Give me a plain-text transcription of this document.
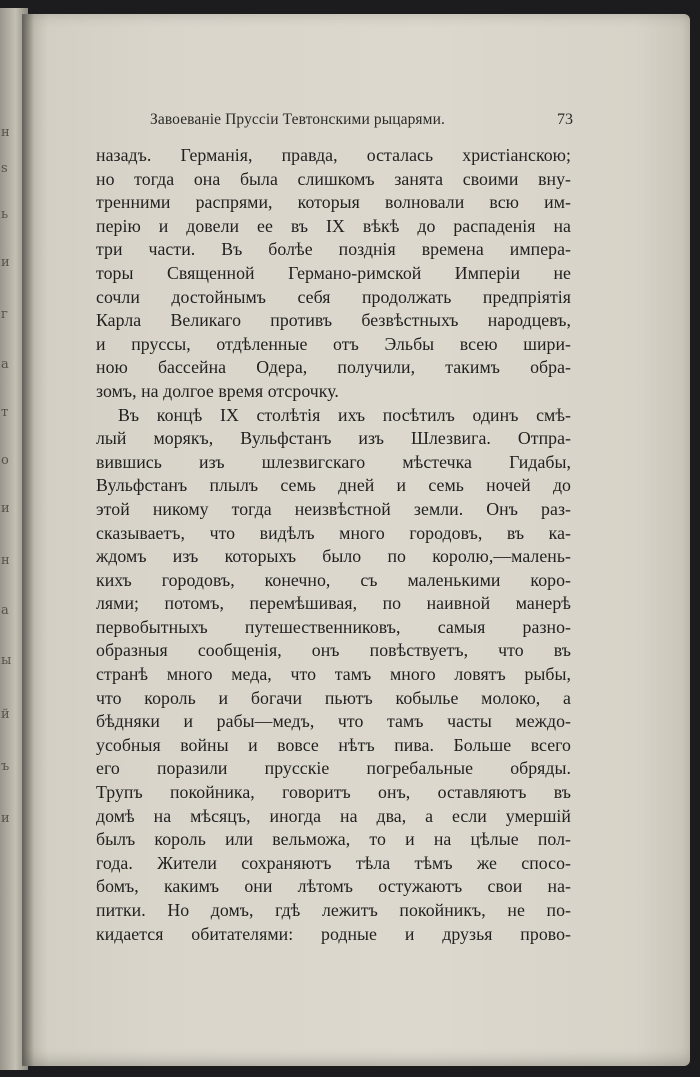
н
s
ь
и
г
а
т
о
и
н
а
ы
й
ъ
и
Завоеванiе Пруссiи Тевтонскими рыцарями.	73
назадъ. Германiя, правда, осталась христiанскою;
но тогда она была слишкомъ занята своими вну-
тренними распрями, которыя волновали всю им-
перiю и довели ее въ IX вѣкѣ до распаденiя на
три части. Въ болѣе позднiя времена импера-
торы Священной Германо-римской Имперiи не
сочли достойнымъ себя продолжать предпрiятiя
Карла Великаго противъ безвѣстныхъ народцевъ,
и пруссы, отдѣленные отъ Эльбы всею шири-
ною бассейна Одера, получили, такимъ обра-
зомъ, на долгое время отсрочку.
Въ концѣ IX столѣтiя ихъ посѣтилъ одинъ смѣ-
лый морякъ, Вульфстанъ изъ Шлезвига. Отпра-
вившись изъ шлезвигскаго мѣстечка Гидабы,
Вульфстанъ плылъ семь дней и семь ночей до
этой никому тогда неизвѣстной земли. Онъ раз-
сказываетъ, что видѣлъ много городовъ, въ ка-
ждомъ изъ которыхъ было по королю,—малень-
кихъ городовъ, конечно, съ маленькими коро-
лями; потомъ, перемѣшивая, по наивной манерѣ
первобытныхъ путешественниковъ, самыя разно-
образныя сообщенiя, онъ повѣствуетъ, что въ
странѣ много меда, что тамъ много ловятъ рыбы,
что король и богачи пьютъ кобылье молоко, а
бѣдняки и рабы—медъ, что тамъ часты междо-
усобныя войны и вовсе нѣтъ пива. Больше всего
его поразили прусскiе погребальные обряды.
Трупъ покойника, говоритъ онъ, оставляютъ въ
домѣ на мѣсяцъ, иногда на два, а если умершiй
былъ король или вельможа, то и на цѣлые пол-
года. Жители сохраняютъ тѣла тѣмъ же спосо-
бомъ, какимъ они лѣтомъ остужаютъ свои на-
питки. Но домъ, гдѣ лежитъ покойникъ, не по-
кидается обитателями: родные и друзья прово-
